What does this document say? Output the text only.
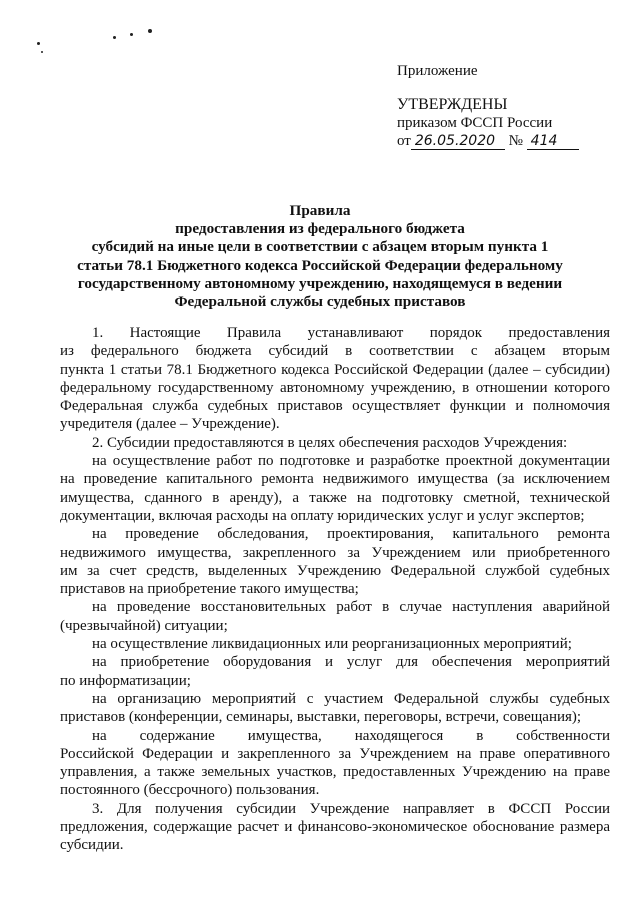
Приложение
УТВЕРЖДЕНЫ
приказом ФССП России
от 26.05.2020 № 414
Правила
предоставления из федерального бюджета
субсидий на иные цели в соответствии с абзацем вторым пункта 1
статьи 78.1 Бюджетного кодекса Российской Федерации федеральному
государственному автономному учреждению, находящемуся в ведении
Федеральной службы судебных приставов
1. Настоящие Правила устанавливают порядок предоставления
из федерального бюджета субсидий в соответствии с абзацем вторым
пункта 1 статьи 78.1 Бюджетного кодекса Российской Федерации (далее – субсидии)
федеральному государственному автономному учреждению, в отношении которого
Федеральная служба судебных приставов осуществляет функции и полномочия
учредителя (далее – Учреждение).
2. Субсидии предоставляются в целях обеспечения расходов Учреждения:
на осуществление работ по подготовке и разработке проектной документации
на проведение капитального ремонта недвижимого имущества (за исключением
имущества, сданного в аренду), а также на подготовку сметной, технической
документации, включая расходы на оплату юридических услуг и услуг экспертов;
на проведение обследования, проектирования, капитального ремонта
недвижимого имущества, закрепленного за Учреждением или приобретенного
им за счет средств, выделенных Учреждению Федеральной службой судебных
приставов на приобретение такого имущества;
на проведение восстановительных работ в случае наступления аварийной
(чрезвычайной) ситуации;
на осуществление ликвидационных или реорганизационных мероприятий;
на приобретение оборудования и услуг для обеспечения мероприятий
по информатизации;
на организацию мероприятий с участием Федеральной службы судебных
приставов (конференции, семинары, выставки, переговоры, встречи, совещания);
на содержание имущества, находящегося в собственности
Российской Федерации и закрепленного за Учреждением на праве оперативного
управления, а также земельных участков, предоставленных Учреждению на праве
постоянного (бессрочного) пользования.
3. Для получения субсидии Учреждение направляет в ФССП России
предложения, содержащие расчет и финансово-экономическое обоснование размера
субсидии.
